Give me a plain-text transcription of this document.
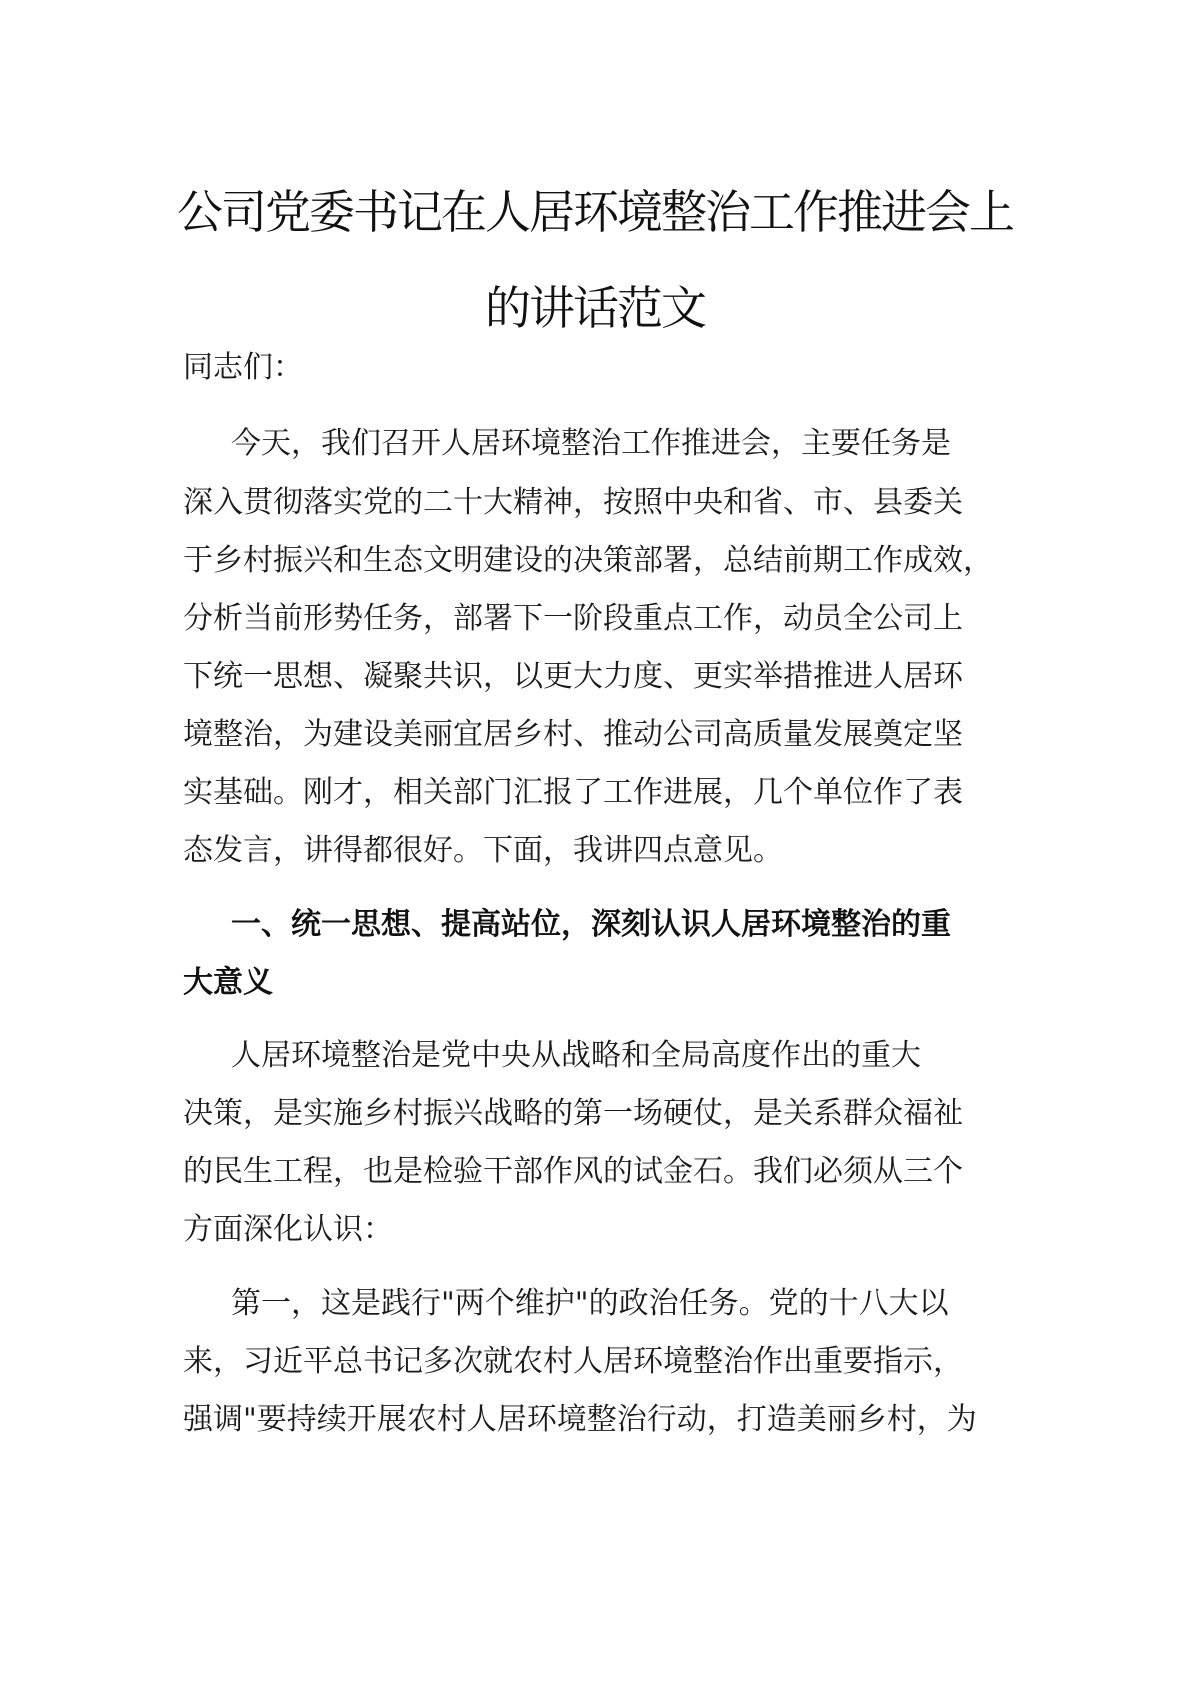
公司党委书记在人居环境整治工作推进会上
的讲话范文
同志们：
今天，我们召开人居环境整治工作推进会，主要任务是
深入贯彻落实党的二十大精神，按照中央和省、市、县委关
于乡村振兴和生态文明建设的决策部署，总结前期工作成效，
分析当前形势任务，部署下一阶段重点工作，动员全公司上
下统一思想、凝聚共识，以更大力度、更实举措推进人居环
境整治，为建设美丽宜居乡村、推动公司高质量发展奠定坚
实基础。刚才，相关部门汇报了工作进展，几个单位作了表
态发言，讲得都很好。下面，我讲四点意见。
一、统一思想、提高站位，深刻认识人居环境整治的重
大意义
人居环境整治是党中央从战略和全局高度作出的重大
决策，是实施乡村振兴战略的第一场硬仗，是关系群众福祉
的民生工程，也是检验干部作风的试金石。我们必须从三个
方面深化认识：
第一，这是践行"两个维护"的政治任务。党的十八大以
来，习近平总书记多次就农村人居环境整治作出重要指示，
强调"要持续开展农村人居环境整治行动，打造美丽乡村，为
